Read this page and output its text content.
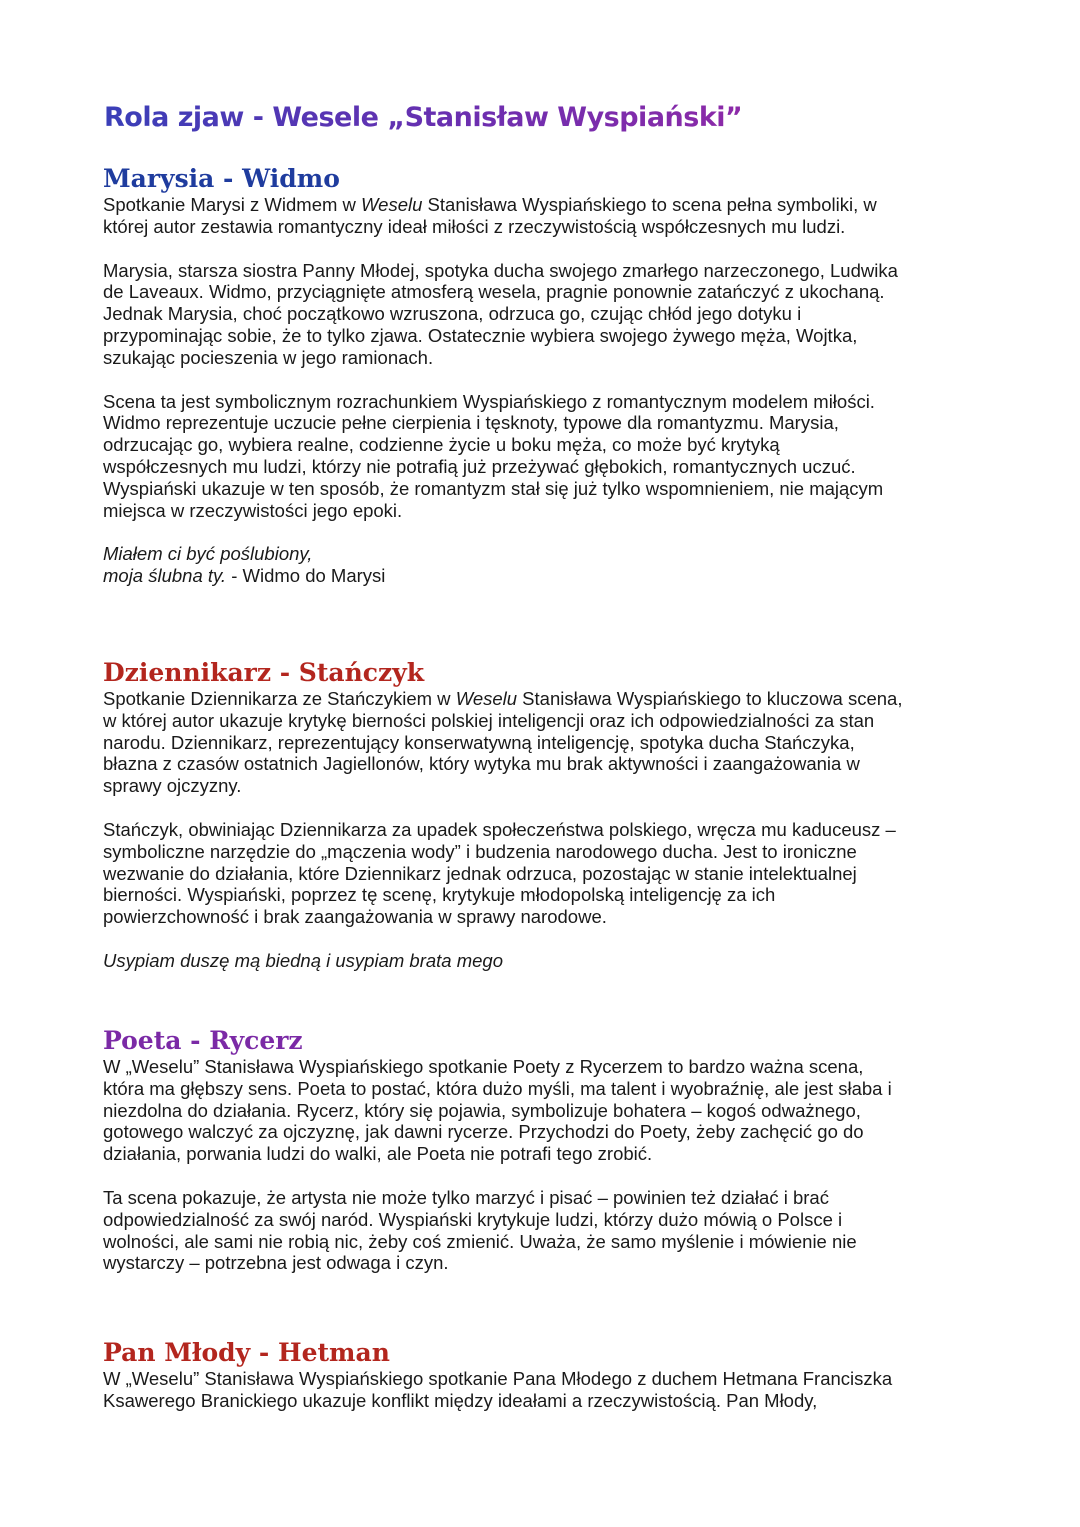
Rola zjaw - Wesele „Stanisław Wyspiański”
Marysia - Widmo

Spotkanie Marysi z Widmem w Weselu Stanisława Wyspiańskiego to scena pełna symboliki, w
której autor zestawia romantyczny ideał miłości z rzeczywistością współczesnych mu ludzi.

Marysia, starsza siostra Panny Młodej, spotyka ducha swojego zmarłego narzeczonego, Ludwika
de Laveaux. Widmo, przyciągnięte atmosferą wesela, pragnie ponownie zatańczyć z ukochaną.
Jednak Marysia, choć początkowo wzruszona, odrzuca go, czując chłód jego dotyku i
przypominając sobie, że to tylko zjawa. Ostatecznie wybiera swojego żywego męża, Wojtka,
szukając pocieszenia w jego ramionach.

Scena ta jest symbolicznym rozrachunkiem Wyspiańskiego z romantycznym modelem miłości.
Widmo reprezentuje uczucie pełne cierpienia i tęsknoty, typowe dla romantyzmu. Marysia,
odrzucając go, wybiera realne, codzienne życie u boku męża, co może być krytyką
współczesnych mu ludzi, którzy nie potrafią już przeżywać głębokich, romantycznych uczuć.
Wyspiański ukazuje w ten sposób, że romantyzm stał się już tylko wspomnieniem, nie mającym
miejsca w rzeczywistości jego epoki.

Miałem ci być poślubiony,
moja ślubna ty. - Widmo do Marysi

Dziennikarz - Stańczyk

Spotkanie Dziennikarza ze Stańczykiem w Weselu Stanisława Wyspiańskiego to kluczowa scena,
w której autor ukazuje krytykę bierności polskiej inteligencji oraz ich odpowiedzialności za stan
narodu. Dziennikarz, reprezentujący konserwatywną inteligencję, spotyka ducha Stańczyka,
błazna z czasów ostatnich Jagiellonów, który wytyka mu brak aktywności i zaangażowania w
sprawy ojczyzny.

Stańczyk, obwiniając Dziennikarza za upadek społeczeństwa polskiego, wręcza mu kaduceusz –
symboliczne narzędzie do „mączenia wody” i budzenia narodowego ducha. Jest to ironiczne
wezwanie do działania, które Dziennikarz jednak odrzuca, pozostając w stanie intelektualnej
bierności. Wyspiański, poprzez tę scenę, krytykuje młodopolską inteligencję za ich
powierzchowność i brak zaangażowania w sprawy narodowe.

Usypiam duszę mą biedną i usypiam brata mego

Poeta - Rycerz

W „Weselu” Stanisława Wyspiańskiego spotkanie Poety z Rycerzem to bardzo ważna scena,
która ma głębszy sens. Poeta to postać, która dużo myśli, ma talent i wyobraźnię, ale jest słaba i
niezdolna do działania. Rycerz, który się pojawia, symbolizuje bohatera – kogoś odważnego,
gotowego walczyć za ojczyznę, jak dawni rycerze. Przychodzi do Poety, żeby zachęcić go do
działania, porwania ludzi do walki, ale Poeta nie potrafi tego zrobić.

Ta scena pokazuje, że artysta nie może tylko marzyć i pisać – powinien też działać i brać
odpowiedzialność za swój naród. Wyspiański krytykuje ludzi, którzy dużo mówią o Polsce i
wolności, ale sami nie robią nic, żeby coś zmienić. Uważa, że samo myślenie i mówienie nie
wystarczy – potrzebna jest odwaga i czyn.

Pan Młody - Hetman

W „Weselu” Stanisława Wyspiańskiego spotkanie Pana Młodego z duchem Hetmana Franciszka
Ksawerego Branickiego ukazuje konflikt między ideałami a rzeczywistością. Pan Młody,
